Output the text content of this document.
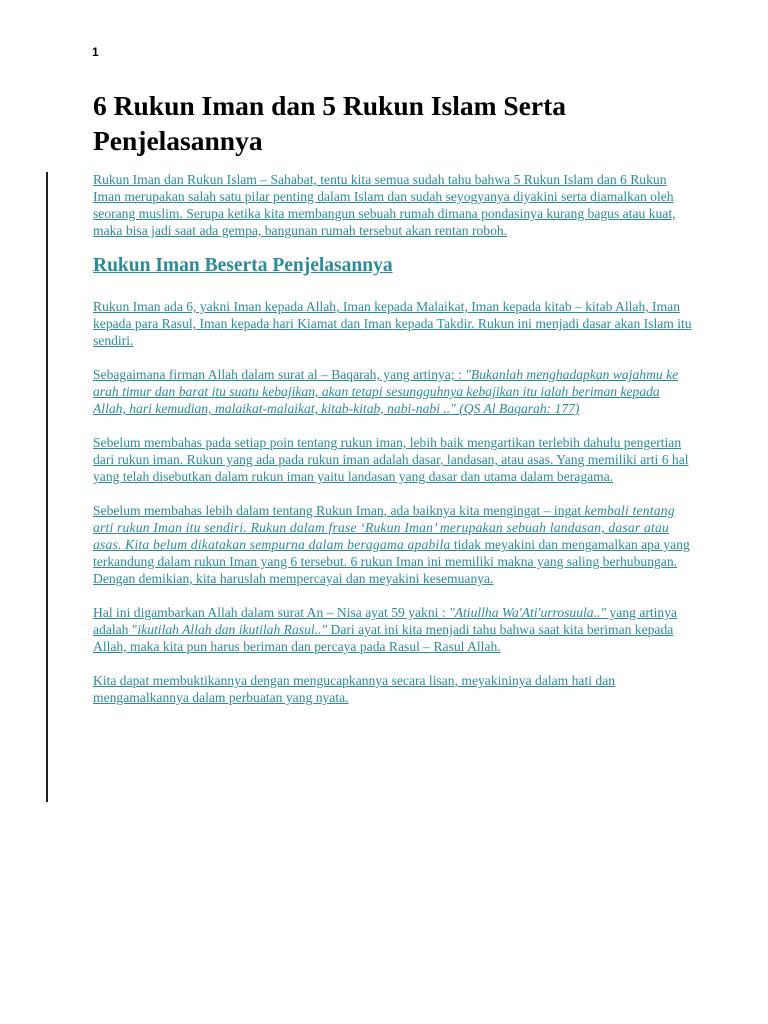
1
6 Rukun Iman dan 5 Rukun Islam Serta Penjelasannya

Rukun Iman dan Rukun Islam – Sahabat, tentu kita semua sudah tahu bahwa 5 Rukun Islam dan 6 Rukun Iman merupakan salah satu pilar penting dalam Islam dan sudah seyogyanya diyakini serta diamalkan oleh seorang muslim. Serupa ketika kita membangun sebuah rumah dimana pondasinya kurang bagus atau kuat, maka bisa jadi saat ada gempa, bangunan rumah tersebut akan rentan roboh.

Rukun Iman Beserta Penjelasannya

Rukun Iman ada 6, yakni Iman kepada Allah, Iman kepada Malaikat, Iman kepada kitab – kitab Allah, Iman kepada para Rasul, Iman kepada hari Kiamat dan Iman kepada Takdir. Rukun ini menjadi dasar akan Islam itu sendiri.

Sebagaimana firman Allah dalam surat al – Baqarah, yang artinya; : "Bukanlah menghadapkan wajahmu ke arah timur dan barat itu suatu kebajikan, akan tetapi sesungguhnya kebajikan itu ialah beriman kepada Allah, hari kemudian, malaikat-malaikat, kitab-kitab, nabi-nabi .." (QS Al Baqarah: 177)

Sebelum membahas pada setiap poin tentang rukun iman, lebih baik mengartikan terlebih dahulu pengertian dari rukun iman. Rukun yang ada pada rukun iman adalah dasar, landasan, atau asas. Yang memiliki arti 6 hal yang telah disebutkan dalam rukun iman yaitu landasan yang dasar dan utama dalam beragama.

Sebelum membahas lebih dalam tentang Rukun Iman, ada baiknya kita mengingat – ingat kembali tentang arti rukun Iman itu sendiri. Rukun dalam frase ‘Rukun Iman’ merupakan sebuah landasan, dasar atau asas. Kita belum dikatakan sempurna dalam beragama apabila tidak meyakini dan mengamalkan apa yang terkandung dalam rukun Iman yang 6 tersebut. 6 rukun Iman ini memiliki makna yang saling berhubungan. Dengan demikian, kita haruslah mempercayai dan meyakini kesemuanya.

Hal ini digambarkan Allah dalam surat An – Nisa ayat 59 yakni : "Atiullha Wa'Ati'urrosuula.." yang artinya adalah "ikutilah Allah dan ikutilah Rasul.." Dari ayat ini kita menjadi tahu bahwa saat kita beriman kepada Allah, maka kita pun harus beriman dan percaya pada Rasul – Rasul Allah.

Kita dapat membuktikannya dengan mengucapkannya secara lisan, meyakininya dalam hati dan mengamalkannya dalam perbuatan yang nyata.
